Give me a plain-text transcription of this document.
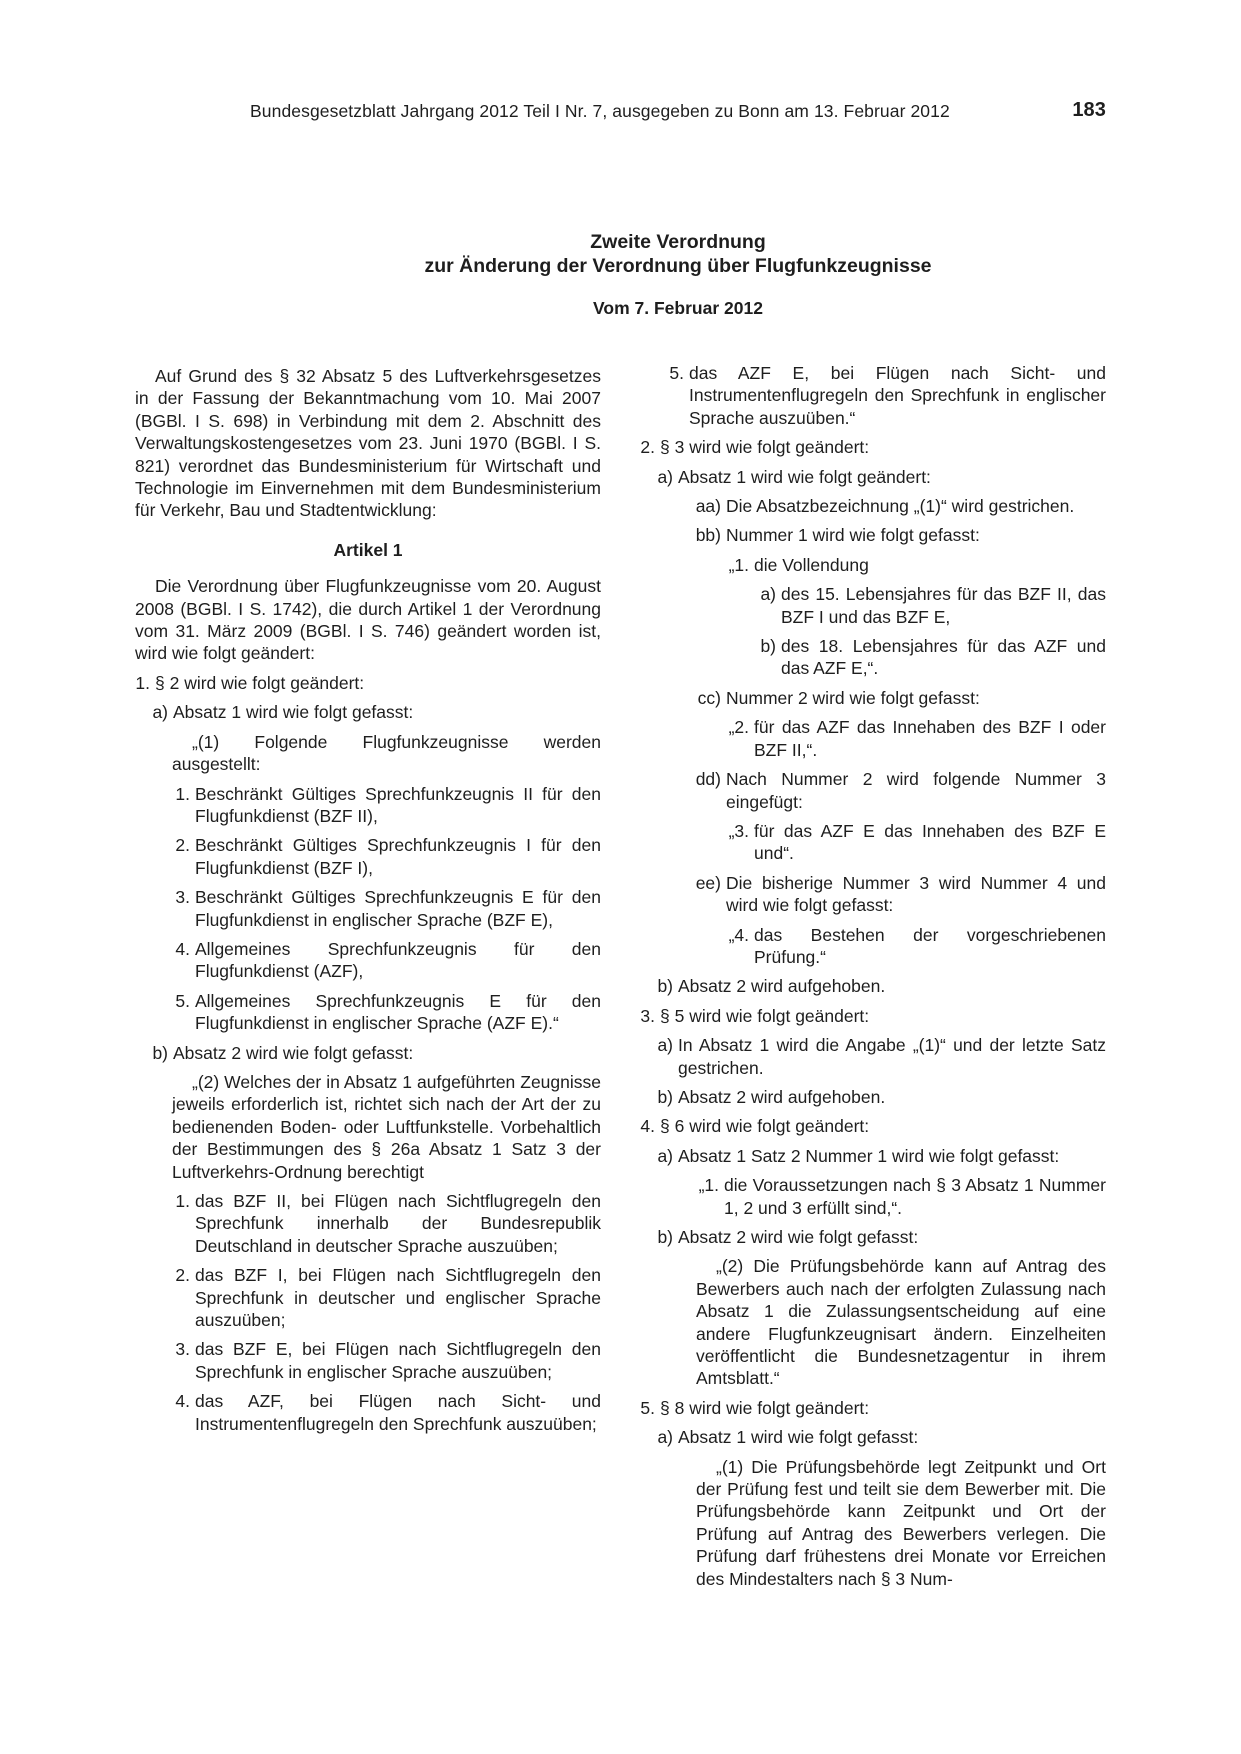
Bundesgesetzblatt Jahrgang 2012 Teil I Nr. 7, ausgegeben zu Bonn am 13. Februar 2012	183
Zweite Verordnung
zur Änderung der Verordnung über Flugfunkzeugnisse
Vom 7. Februar 2012

Auf Grund des § 32 Absatz 5 des Luftverkehrsgesetzes in der Fassung der Bekanntmachung vom 10. Mai 2007 (BGBl. I S. 698) in Verbindung mit dem 2. Abschnitt des Verwaltungskostengesetzes vom 23. Juni 1970 (BGBl. I S. 821) verordnet das Bundesministerium für Wirtschaft und Technologie im Einvernehmen mit dem Bundesministerium für Verkehr, Bau und Stadtentwicklung:

Artikel 1

Die Verordnung über Flugfunkzeugnisse vom 20. August 2008 (BGBl. I S. 1742), die durch Artikel 1 der Verordnung vom 31. März 2009 (BGBl. I S. 746) geändert worden ist, wird wie folgt geändert:

1. § 2 wird wie folgt geändert:
a) Absatz 1 wird wie folgt gefasst:
„(1) Folgende Flugfunkzeugnisse werden ausgestellt:
1. Beschränkt Gültiges Sprechfunkzeugnis II für den Flugfunkdienst (BZF II),
2. Beschränkt Gültiges Sprechfunkzeugnis I für den Flugfunkdienst (BZF I),
3. Beschränkt Gültiges Sprechfunkzeugnis E für den Flugfunkdienst in englischer Sprache (BZF E),
4. Allgemeines Sprechfunkzeugnis für den Flugfunkdienst (AZF),
5. Allgemeines Sprechfunkzeugnis E für den Flugfunkdienst in englischer Sprache (AZF E).“
b) Absatz 2 wird wie folgt gefasst:
„(2) Welches der in Absatz 1 aufgeführten Zeugnisse jeweils erforderlich ist, richtet sich nach der Art der zu bedienenden Boden- oder Luftfunkstelle. Vorbehaltlich der Bestimmungen des § 26a Absatz 1 Satz 3 der Luftverkehrs-Ordnung berechtigt
1. das BZF II, bei Flügen nach Sichtflugregeln den Sprechfunk innerhalb der Bundesrepublik Deutschland in deutscher Sprache auszuüben;
2. das BZF I, bei Flügen nach Sichtflugregeln den Sprechfunk in deutscher und englischer Sprache auszuüben;
3. das BZF E, bei Flügen nach Sichtflugregeln den Sprechfunk in englischer Sprache auszuüben;
4. das AZF, bei Flügen nach Sicht- und Instrumentenflugregeln den Sprechfunk auszuüben;
5. das AZF E, bei Flügen nach Sicht- und Instrumentenflugregeln den Sprechfunk in englischer Sprache auszuüben.“
2. § 3 wird wie folgt geändert:
a) Absatz 1 wird wie folgt geändert:
aa) Die Absatzbezeichnung „(1)“ wird gestrichen.
bb) Nummer 1 wird wie folgt gefasst:
„1. die Vollendung
a) des 15. Lebensjahres für das BZF II, das BZF I und das BZF E,
b) des 18. Lebensjahres für das AZF und das AZF E,“.
cc) Nummer 2 wird wie folgt gefasst:
„2. für das AZF das Innehaben des BZF I oder BZF II,“.
dd) Nach Nummer 2 wird folgende Nummer 3 eingefügt:
„3. für das AZF E das Innehaben des BZF E und“.
ee) Die bisherige Nummer 3 wird Nummer 4 und wird wie folgt gefasst:
„4. das Bestehen der vorgeschriebenen Prüfung.“
b) Absatz 2 wird aufgehoben.
3. § 5 wird wie folgt geändert:
a) In Absatz 1 wird die Angabe „(1)“ und der letzte Satz gestrichen.
b) Absatz 2 wird aufgehoben.
4. § 6 wird wie folgt geändert:
a) Absatz 1 Satz 2 Nummer 1 wird wie folgt gefasst:
„1. die Voraussetzungen nach § 3 Absatz 1 Nummer 1, 2 und 3 erfüllt sind,“.
b) Absatz 2 wird wie folgt gefasst:
„(2) Die Prüfungsbehörde kann auf Antrag des Bewerbers auch nach der erfolgten Zulassung nach Absatz 1 die Zulassungsentscheidung auf eine andere Flugfunkzeugnisart ändern. Einzelheiten veröffentlicht die Bundesnetzagentur in ihrem Amtsblatt.“
5. § 8 wird wie folgt geändert:
a) Absatz 1 wird wie folgt gefasst:
„(1) Die Prüfungsbehörde legt Zeitpunkt und Ort der Prüfung fest und teilt sie dem Bewerber mit. Die Prüfungsbehörde kann Zeitpunkt und Ort der Prüfung auf Antrag des Bewerbers verlegen. Die Prüfung darf frühestens drei Monate vor Erreichen des Mindestalters nach § 3 Num-
